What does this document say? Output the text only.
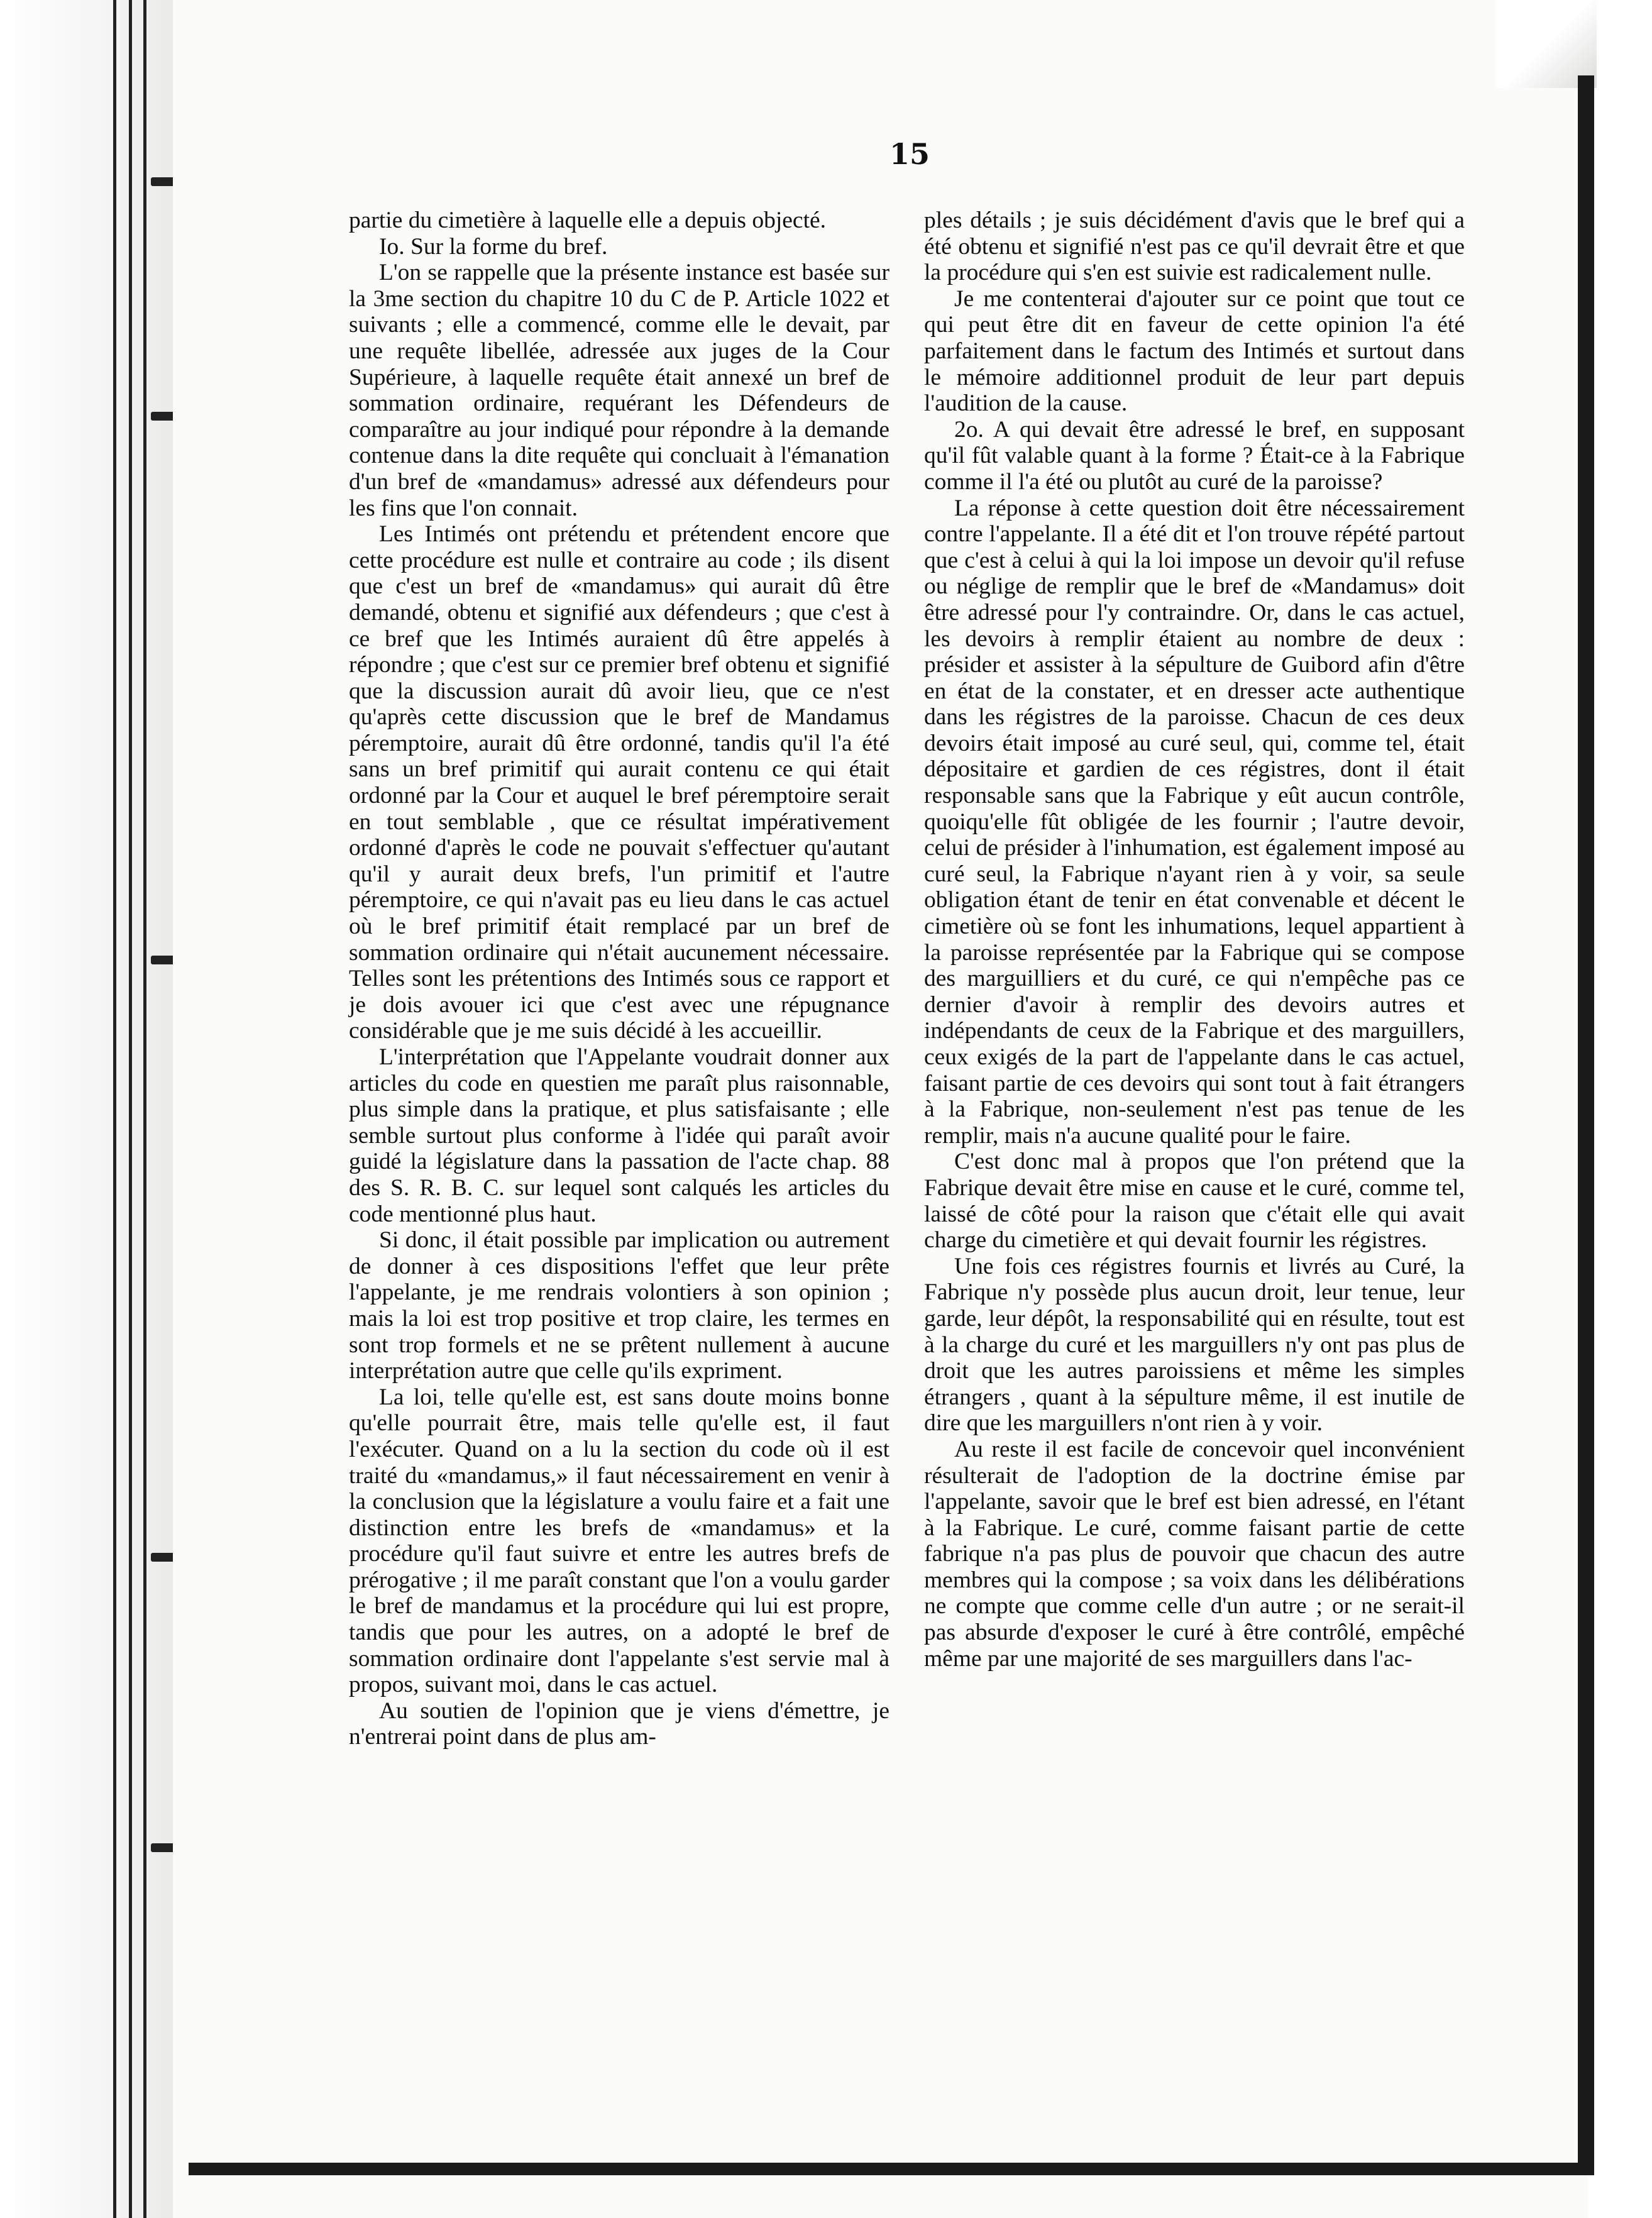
15

partie du cimetière à laquelle elle a depuis objecté.

Io. Sur la forme du bref.

L'on se rappelle que la présente instance est basée sur la 3me section du chapitre 10 du C de P. Article 1022 et suivants ; elle a commencé, comme elle le devait, par une requête libellée, adressée aux juges de la Cour Supérieure, à laquelle requête était annexé un bref de sommation ordinaire, requérant les Défendeurs de comparaître au jour indiqué pour répondre à la demande contenue dans la dite requête qui concluait à l'émanation d'un bref de «mandamus» adressé aux défendeurs pour les fins que l'on connait.

Les Intimés ont prétendu et prétendent encore que cette procédure est nulle et contraire au code ; ils disent que c'est un bref de «mandamus» qui aurait dû être demandé, obtenu et signifié aux défendeurs ; que c'est à ce bref que les Intimés auraient dû être appelés à répondre ; que c'est sur ce premier bref obtenu et signifié que la discussion aurait dû avoir lieu, que ce n'est qu'après cette discussion que le bref de Mandamus péremptoire, aurait dû être ordonné, tandis qu'il l'a été sans un bref primitif qui aurait contenu ce qui était ordonné par la Cour et auquel le bref péremptoire serait en tout semblable , que ce résultat impérativement ordonné d'après le code ne pouvait s'effectuer qu'autant qu'il y aurait deux brefs, l'un primitif et l'autre péremptoire, ce qui n'avait pas eu lieu dans le cas actuel où le bref primitif était remplacé par un bref de sommation ordinaire qui n'était aucunement nécessaire. Telles sont les prétentions des Intimés sous ce rapport et je dois avouer ici que c'est avec une répugnance considérable que je me suis décidé à les accueillir.

L'interprétation que l'Appelante voudrait donner aux articles du code en questien me paraît plus raisonnable, plus simple dans la pratique, et plus satisfaisante ; elle semble surtout plus conforme à l'idée qui paraît avoir guidé la législature dans la passation de l'acte chap. 88 des S. R. B. C. sur lequel sont calqués les articles du code mentionné plus haut.

Si donc, il était possible par implication ou autrement de donner à ces dispositions l'effet que leur prête l'appelante, je me rendrais volontiers à son opinion ; mais la loi est trop positive et trop claire, les termes en sont trop formels et ne se prêtent nullement à aucune interprétation autre que celle qu'ils expriment.

La loi, telle qu'elle est, est sans doute moins bonne qu'elle pourrait être, mais telle qu'elle est, il faut l'exécuter. Quand on a lu la section du code où il est traité du «mandamus,» il faut nécessairement en venir à la conclusion que la législature a voulu faire et a fait une distinction entre les brefs de «mandamus» et la procédure qu'il faut suivre et entre les autres brefs de prérogative ; il me paraît constant que l'on a voulu garder le bref de mandamus et la procédure qui lui est propre, tandis que pour les autres, on a adopté le bref de sommation ordinaire dont l'appelante s'est servie mal à propos, suivant moi, dans le cas actuel.

Au soutien de l'opinion que je viens d'émettre, je n'entrerai point dans de plus am-

ples détails ; je suis décidément d'avis que le bref qui a été obtenu et signifié n'est pas ce qu'il devrait être et que la procédure qui s'en est suivie est radicalement nulle.

Je me contenterai d'ajouter sur ce point que tout ce qui peut être dit en faveur de cette opinion l'a été parfaitement dans le factum des Intimés et surtout dans le mémoire additionnel produit de leur part depuis l'audition de la cause.

2o. A qui devait être adressé le bref, en supposant qu'il fût valable quant à la forme ? Était-ce à la Fabrique comme il l'a été ou plutôt au curé de la paroisse?

La réponse à cette question doit être nécessairement contre l'appelante. Il a été dit et l'on trouve répété partout que c'est à celui à qui la loi impose un devoir qu'il refuse ou néglige de remplir que le bref de «Mandamus» doit être adressé pour l'y contraindre. Or, dans le cas actuel, les devoirs à remplir étaient au nombre de deux : présider et assister à la sépulture de Guibord afin d'être en état de la constater, et en dresser acte authentique dans les régistres de la paroisse. Chacun de ces deux devoirs était imposé au curé seul, qui, comme tel, était dépositaire et gardien de ces régistres, dont il était responsable sans que la Fabrique y eût aucun contrôle, quoiqu'elle fût obligée de les fournir ; l'autre devoir, celui de présider à l'inhumation, est également imposé au curé seul, la Fabrique n'ayant rien à y voir, sa seule obligation étant de tenir en état convenable et décent le cimetière où se font les inhumations, lequel appartient à la paroisse représentée par la Fabrique qui se compose des marguilliers et du curé, ce qui n'empêche pas ce dernier d'avoir à remplir des devoirs autres et indépendants de ceux de la Fabrique et des marguillers, ceux exigés de la part de l'appelante dans le cas actuel, faisant partie de ces devoirs qui sont tout à fait étrangers à la Fabrique, non-seulement n'est pas tenue de les remplir, mais n'a aucune qualité pour le faire.

C'est donc mal à propos que l'on prétend que la Fabrique devait être mise en cause et le curé, comme tel, laissé de côté pour la raison que c'était elle qui avait charge du cimetière et qui devait fournir les régistres.

Une fois ces régistres fournis et livrés au Curé, la Fabrique n'y possède plus aucun droit, leur tenue, leur garde, leur dépôt, la responsabilité qui en résulte, tout est à la charge du curé et les marguillers n'y ont pas plus de droit que les autres paroissiens et même les simples étrangers , quant à la sépulture même, il est inutile de dire que les marguillers n'ont rien à y voir.

Au reste il est facile de concevoir quel inconvénient résulterait de l'adoption de la doctrine émise par l'appelante, savoir que le bref est bien adressé, en l'étant à la Fabrique. Le curé, comme faisant partie de cette fabrique n'a pas plus de pouvoir que chacun des autre membres qui la compose ; sa voix dans les délibérations ne compte que comme celle d'un autre ; or ne serait-il pas absurde d'exposer le curé à être contrôlé, empêché même par une majorité de ses marguillers dans l'ac-
